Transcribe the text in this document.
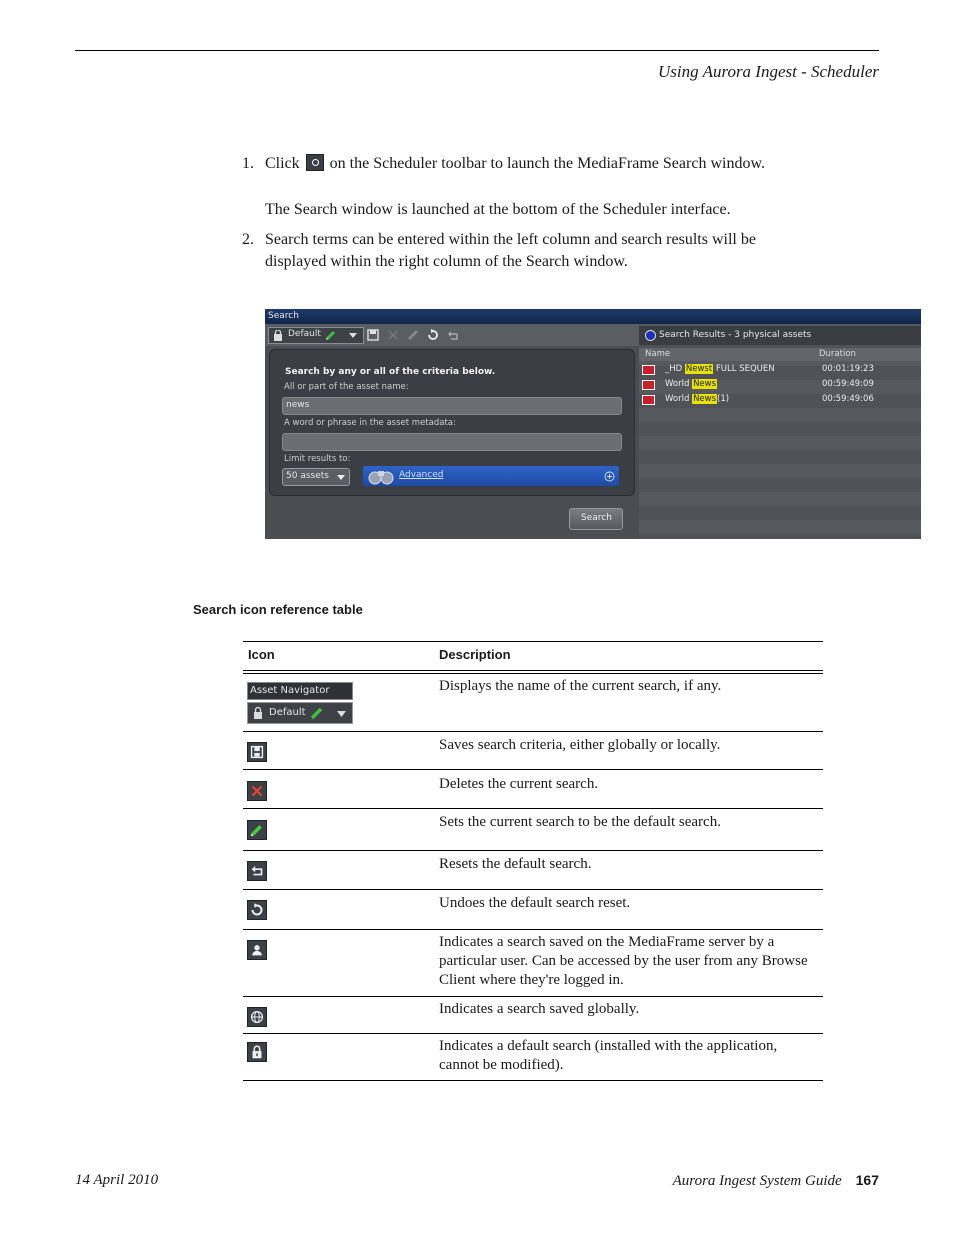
Using Aurora Ingest - Scheduler
1. Click on the Scheduler toolbar to launch the MediaFrame Search window.
The Search window is launched at the bottom of the Scheduler interface.
2. Search terms can be entered within the left column and search results will be
displayed within the right column of the Search window.
Search
Default
Search by any or all of the criteria below.
All or part of the asset name:
news
A word or phrase in the asset metadata:
Limit results to:
50 assets	Advanced
Search
Search Results - 3 physical assets
Name	Duration
_HD Newst FULL SEQUEN	00:01:19:23
World News	00:59:49:09
World News(1)	00:59:49:06
Search icon reference table
Icon	Description
Asset Navigator
Default
Displays the name of the current search, if any.
Saves search criteria, either globally or locally.
Deletes the current search.
Sets the current search to be the default search.
Resets the default search.
Undoes the default search reset.
Indicates a search saved on the MediaFrame server by a particular user. Can be accessed by the user from any Browse Client where they're logged in.
Indicates a search saved globally.
Indicates a default search (installed with the application, cannot be modified).
14 April 2010	Aurora Ingest System Guide 167
